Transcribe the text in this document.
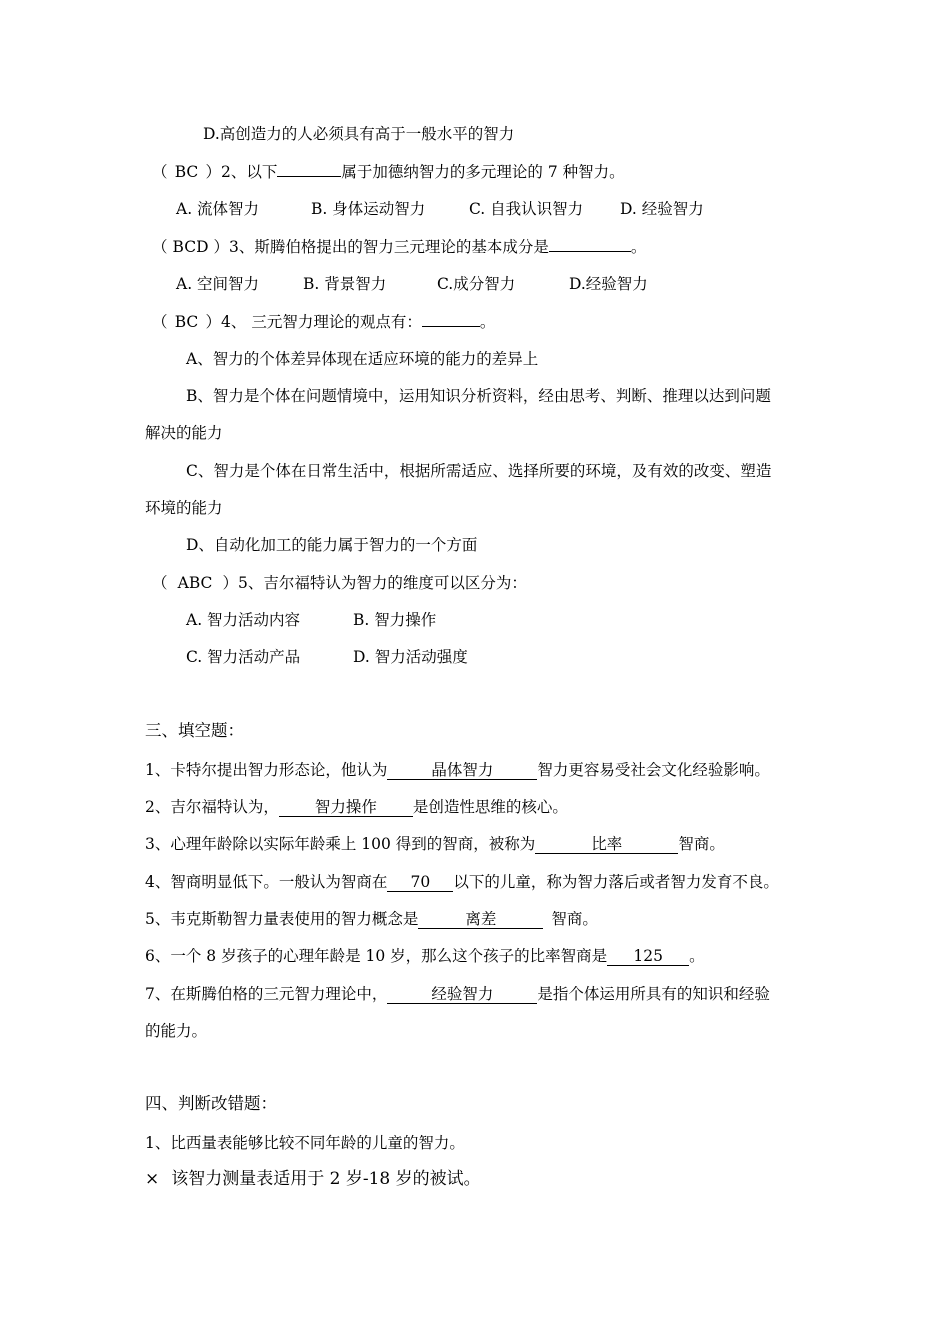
D.高创造力的人必须具有高于一般水平的智力
（ BC ）2、以下	属于加德纳智力的多元理论的 7 种智力。
A. 流体智力	B. 身体运动智力	C. 自我认识智力 D. 经验智力
（ BCD ）3、斯腾伯格提出的智力三元理论的基本成分是	。
A. 空间智力	B. 背景智力	C.成分智力	D.经验智力
（ BC ）4、 三元智力理论的观点有：	。
A、智力的个体差异体现在适应环境的能力的差异上
B、智力是个体在问题情境中，运用知识分析资料，经由思考、判断、推理以达到问题
解决的能力
C、智力是个体在日常生活中，根据所需适应、选择所要的环境，及有效的改变、塑造
环境的能力
D、自动化加工的能力属于智力的一个方面
（ ABC ）5、吉尔福特认为智力的维度可以区分为：
A. 智力活动内容	B. 智力操作
C. 智力活动产品	D. 智力活动强度
三、填空题：
1、卡特尔提出智力形态论，他认为	晶体智力	智力更容易受社会文化经验影响。
2、吉尔福特认为， 智力操作 是创造性思维的核心。
3、心理年龄除以实际年龄乘上 100 得到的智商，被称为	比率	智商。
4、智商明显低下。一般认为智商在 70 以下的儿童，称为智力落后或者智力发育不良。
5、韦克斯勒智力量表使用的智力概念是	离差	智商。
6、一个 8 岁孩子的心理年龄是 10 岁，那么这个孩子的比率智商是 125 。
7、在斯腾伯格的三元智力理论中，	经验智力	是指个体运用所具有的知识和经验
的能力。
四、判断改错题：
1、比西量表能够比较不同年龄的儿童的智力。
× 该智力测量表适用于 2 岁-18 岁的被试。
